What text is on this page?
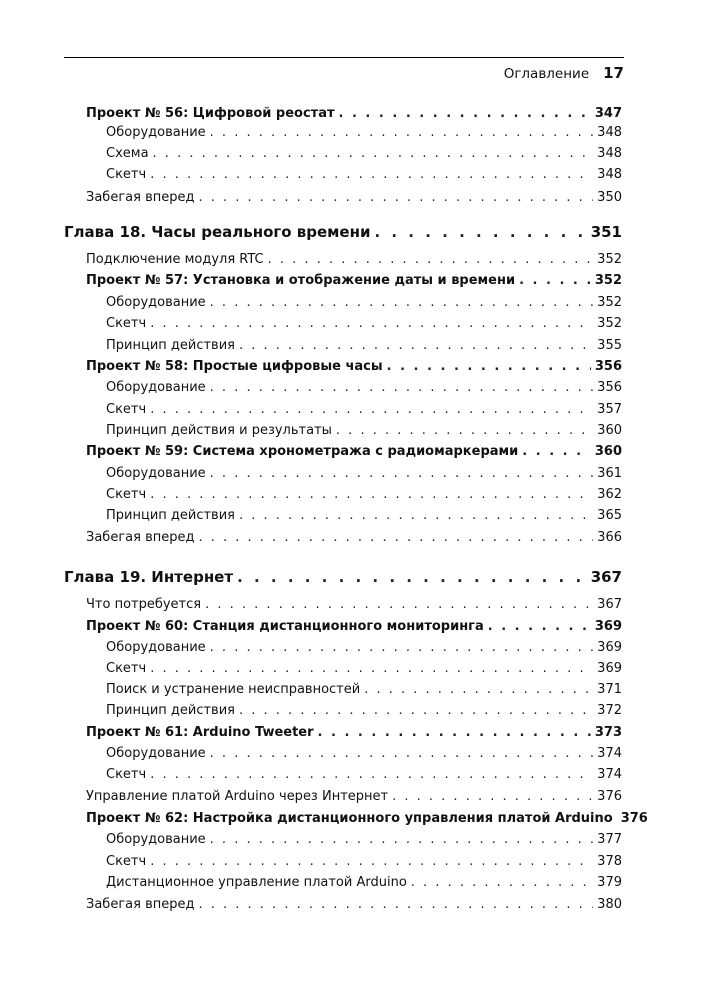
Оглавление 17
Проект № 56: Цифровой реостат . . .	347
Оборудование . . .	348
Схема . . .	348
Скетч . . .	348
Забегая вперед . . .	350
Глава 18. Часы реального времени . . .	351
Подключение модуля RTC . . .	352
Проект № 57: Установка и отображение даты и времени . . .	352
Оборудование . . .	352
Скетч . . .	352
Принцип действия . . .	355
Проект № 58: Простые цифровые часы . . .	356
Оборудование . . .	356
Скетч . . .	357
Принцип действия и результаты . . .	360
Проект № 59: Система хронометража с радиомаркерами . . .	360
Оборудование . . .	361
Скетч . . .	362
Принцип действия . . .	365
Забегая вперед . . .	366
Глава 19. Интернет . . .	367
Что потребуется . . .	367
Проект № 60: Станция дистанционного мониторинга . . .	369
Оборудование . . .	369
Скетч . . .	369
Поиск и устранение неисправностей . . .	371
Принцип действия . . .	372
Проект № 61: Arduino Tweeter . . .	373
Оборудование . . .	374
Скетч . . .	374
Управление платой Arduino через Интернет . . .	376
Проект № 62: Настройка дистанционного управления платой Arduino 376
Оборудование . . .	377
Скетч . . .	378
Дистанционное управление платой Arduino . . .	379
Забегая вперед . . .	380
